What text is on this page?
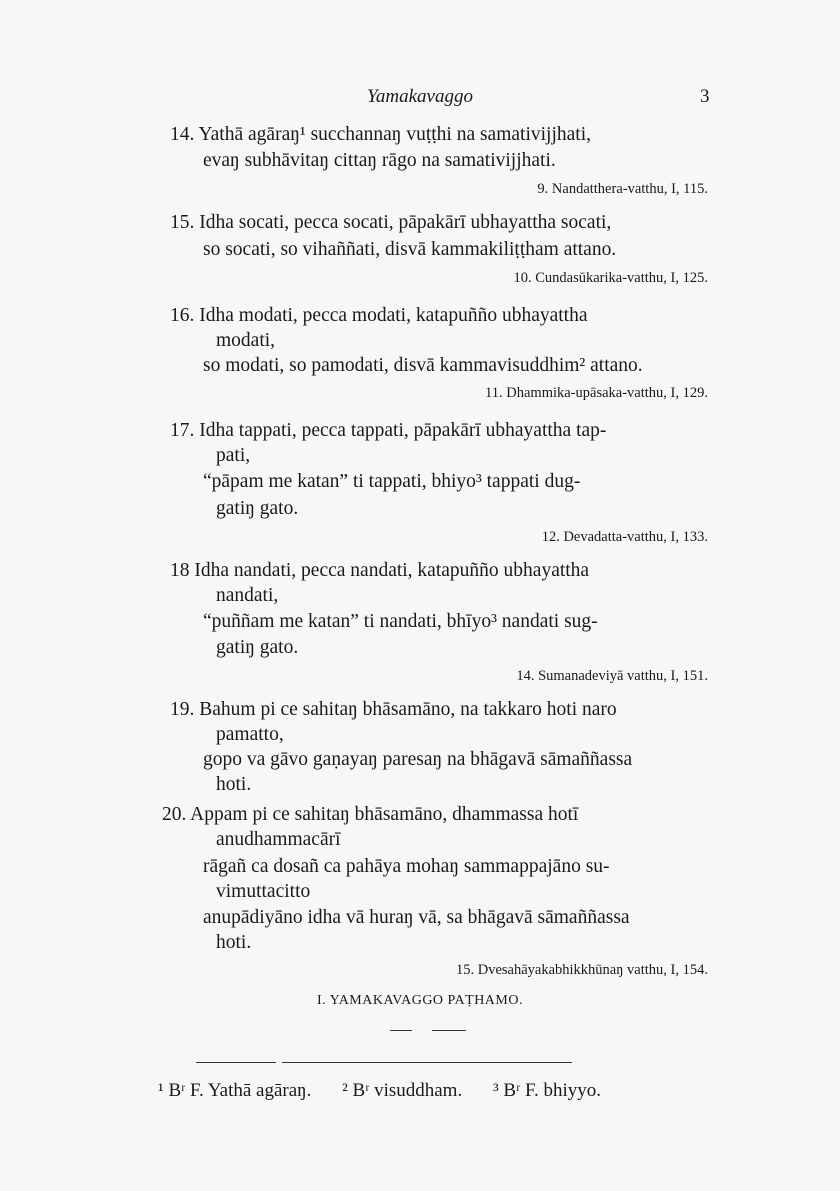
Yamakavaggo	3
14. Yathā agāraŋ¹ succhannaŋ vuṭṭhi na samativijjhati,
evaŋ subhāvitaŋ cittaŋ rāgo na samativijjhati.
9. Nandatthera-vatthu, I, 115.
15. Idha socati, pecca socati, pāpakārī ubhayattha socati,
so socati, so vihaññati, disvā kammakiliṭṭham attano.
10. Cundasūkarika-vatthu, I, 125.
16. Idha modati, pecca modati, katapuñño ubhayattha
modati,
so modati, so pamodati, disvā kammavisuddhim² attano.
11. Dhammika-upāsaka-vatthu, I, 129.
17. Idha tappati, pecca tappati, pāpakārī ubhayattha tap-
pati,
“pāpam me katan” ti tappati, bhiyo³ tappati dug-
gatiŋ gato.
12. Devadatta-vatthu, I, 133.
18 Idha nandati, pecca nandati, katapuñño ubhayattha
nandati,
“puññam me katan” ti nandati, bhīyo³ nandati sug-
gatiŋ gato.
14. Sumanadeviyā vatthu, I, 151.
19. Bahum pi ce sahitaŋ bhāsamāno, na takkaro hoti naro
pamatto,
gopo va gāvo gaṇayaŋ paresaŋ na bhāgavā sāmaññassa
hoti.
20. Appam pi ce sahitaŋ bhāsamāno, dhammassa hotī
anudhammacārī
rāgañ ca dosañ ca pahāya mohaŋ sammappajāno su-
vimuttacitto
anupādiyāno idha vā huraŋ vā, sa bhāgavā sāmaññassa
hoti.
15. Dvesahāyakabhikkhūnaŋ vatthu, I, 154.
I. YAMAKAVAGGO PAṬHAMO.
¹ Bʳ F. Yathā agāraŋ. ² Bʳ visuddham. ³ Bʳ F. bhiyyo.
